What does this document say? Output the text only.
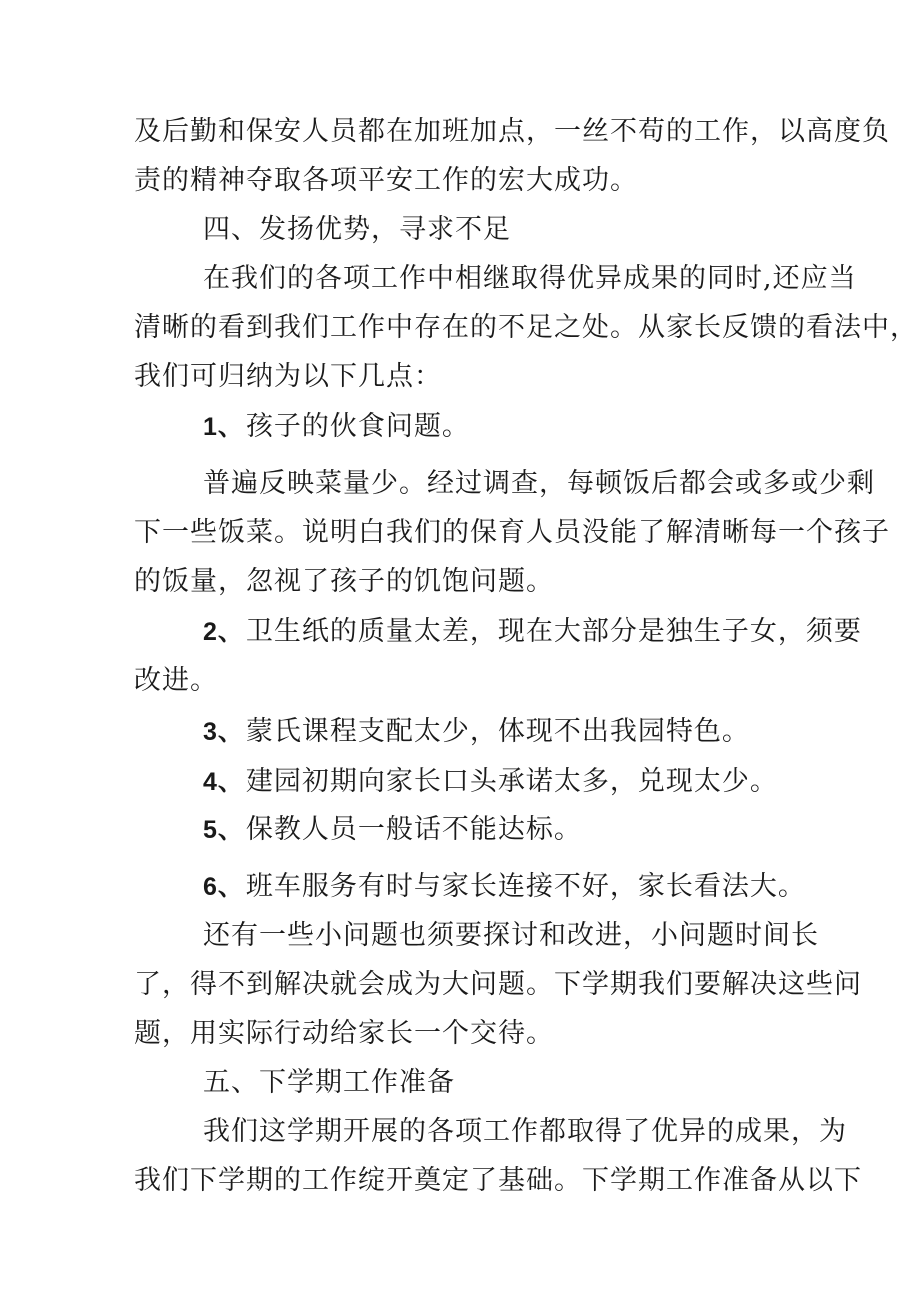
及后勤和保安人员都在加班加点，一丝不苟的工作，以高度负
责的精神夺取各项平安工作的宏大成功。
四、发扬优势，寻求不足
在我们的各项工作中相继取得优异成果的同时,还应当
清晰的看到我们工作中存在的不足之处。从家长反馈的看法中，
我们可归纳为以下几点：
1、孩子的伙食问题。
普遍反映菜量少。经过调查，每顿饭后都会或多或少剩
下一些饭菜。说明白我们的保育人员没能了解清晰每一个孩子
的饭量，忽视了孩子的饥饱问题。
2、卫生纸的质量太差，现在大部分是独生子女，须要
改进。
3、蒙氏课程支配太少，体现不出我园特色。
4、建园初期向家长口头承诺太多，兑现太少。
5、保教人员一般话不能达标。
6、班车服务有时与家长连接不好，家长看法大。
还有一些小问题也须要探讨和改进，小问题时间长
了，得不到解决就会成为大问题。下学期我们要解决这些问
题，用实际行动给家长一个交待。
五、下学期工作准备
我们这学期开展的各项工作都取得了优异的成果，为
我们下学期的工作绽开奠定了基础。下学期工作准备从以下
